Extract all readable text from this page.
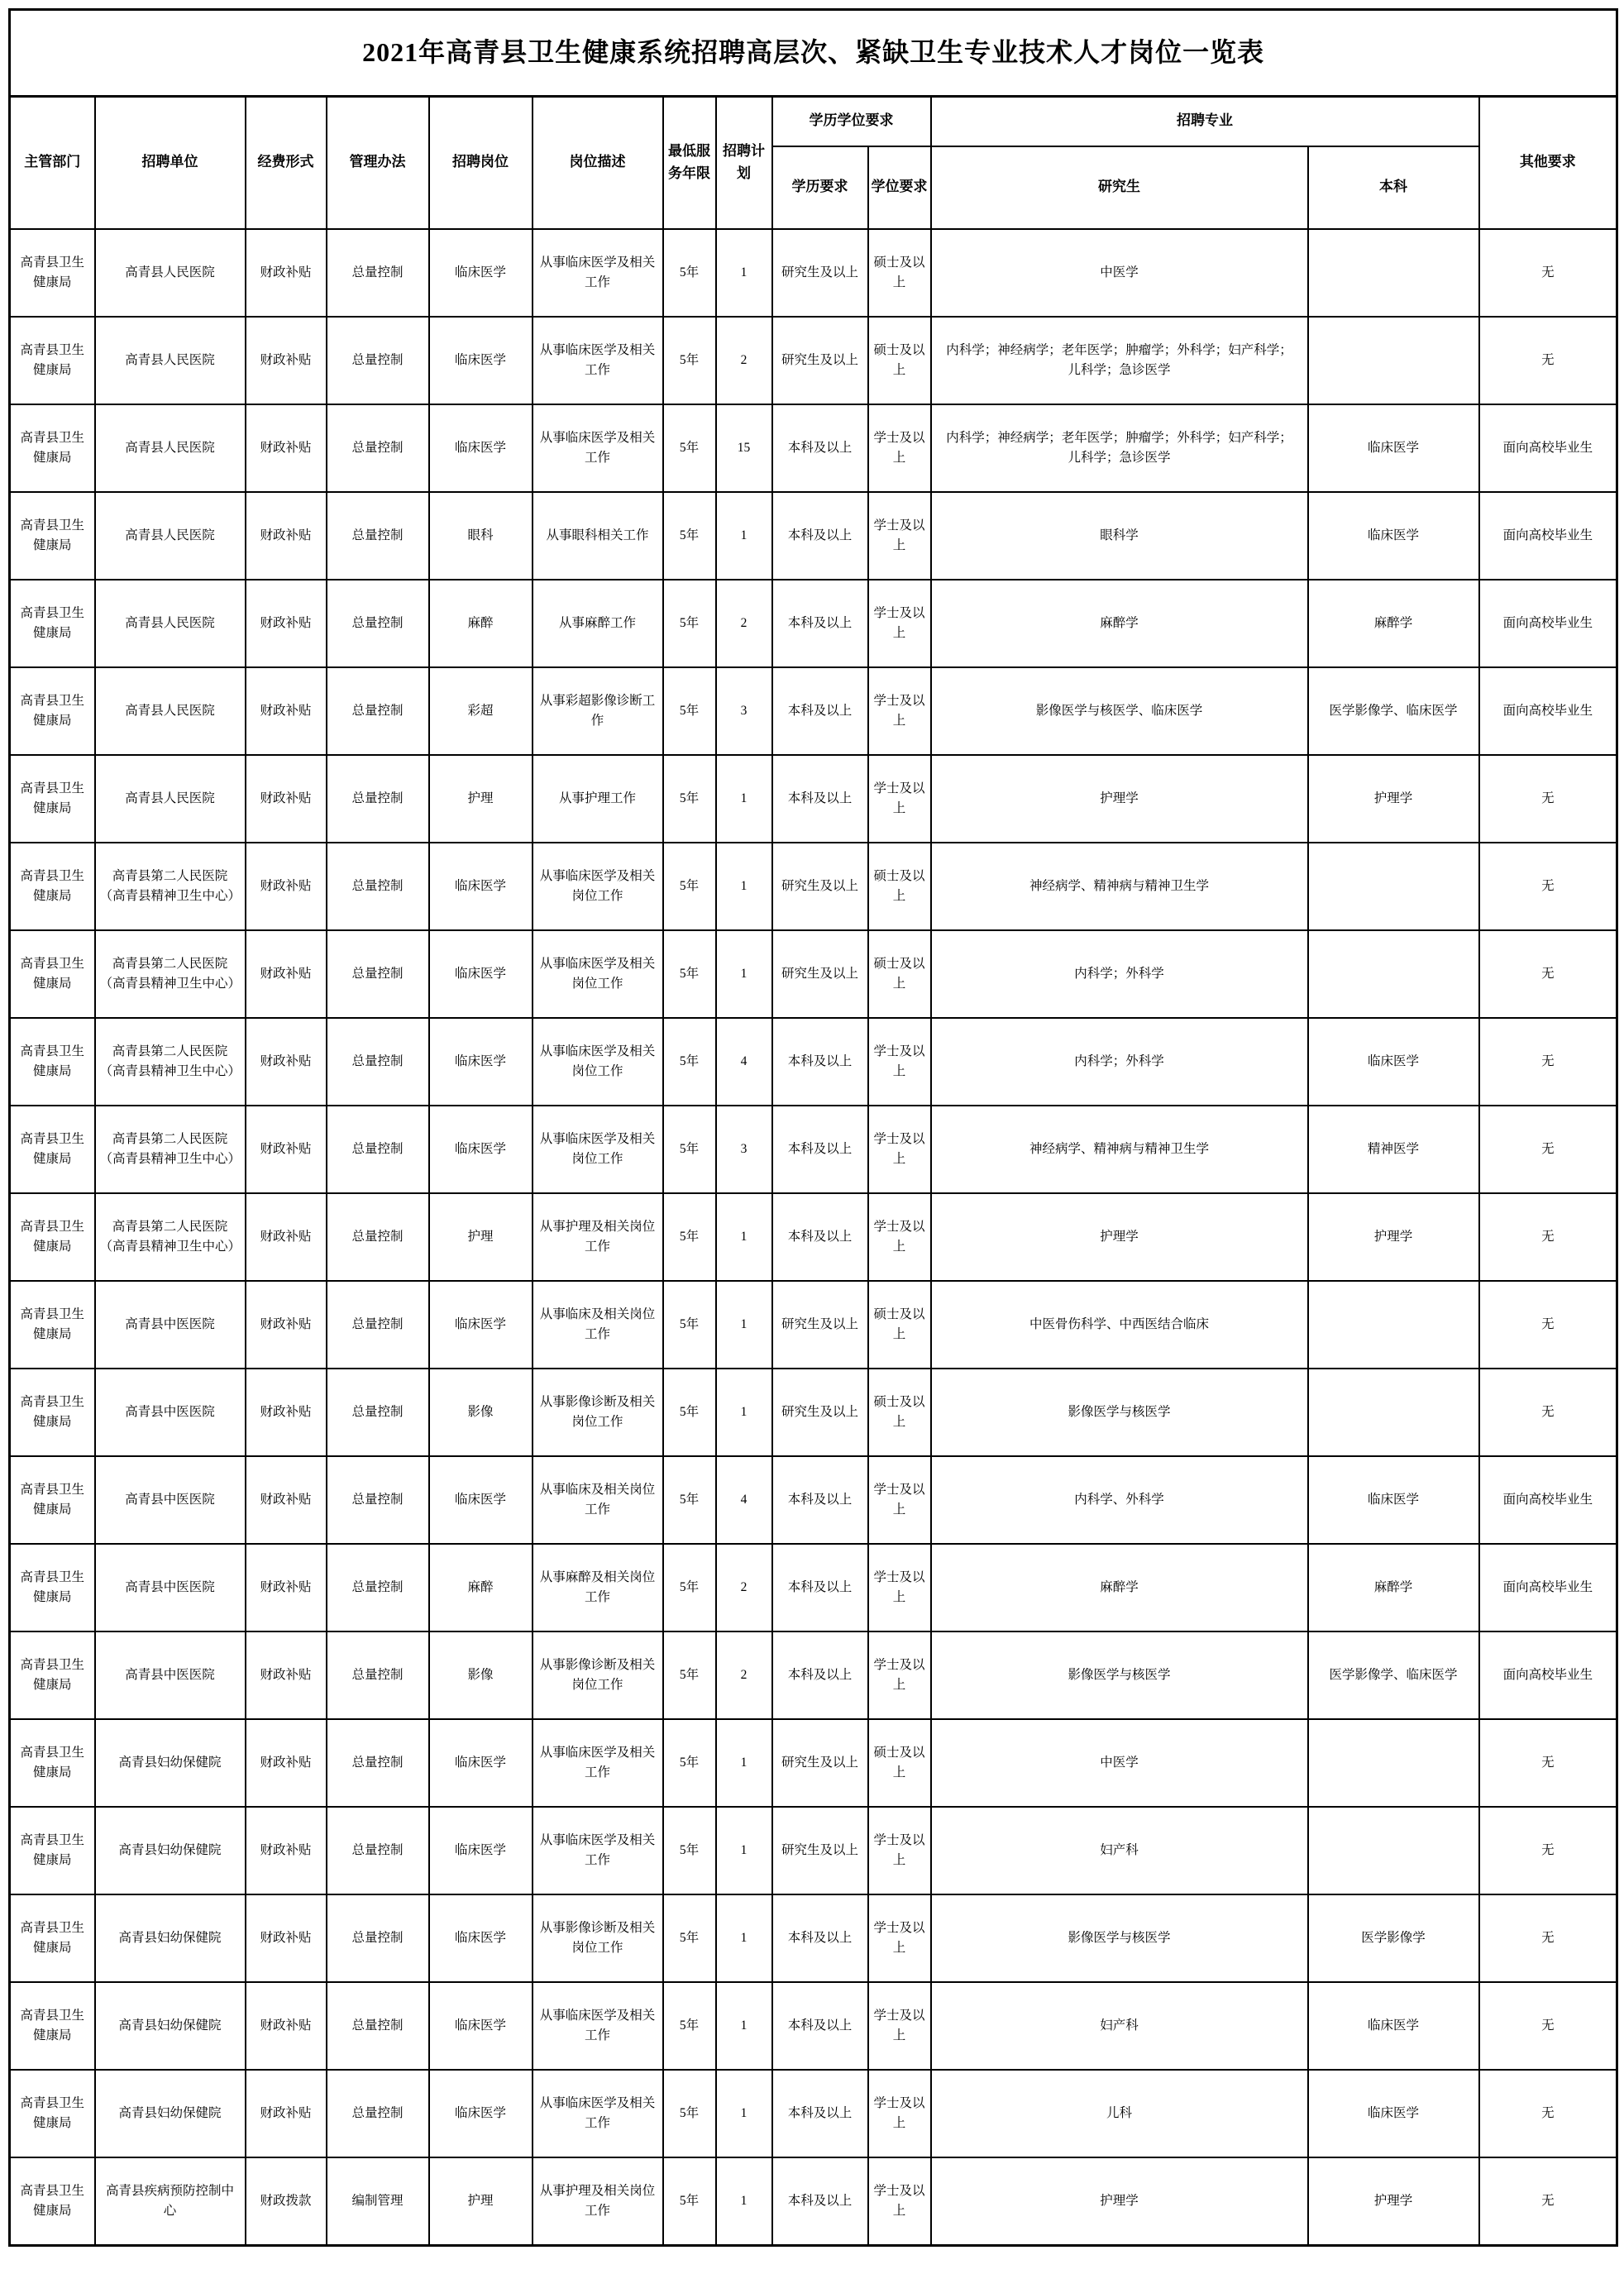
2021年高青县卫生健康系统招聘高层次、紧缺卫生专业技术人才岗位一览表												
主管部门	招聘单位	经费形式	管理办法	招聘岗位	岗位描述	最低服务年限	招聘计划	学历学位要求		招聘专业		其他要求
								学历要求	学位要求	研究生	本科	
高青县卫生健康局	高青县人民医院	财政补贴	总量控制	临床医学	从事临床医学及相关工作	5年	1	研究生及以上	硕士及以上	中医学		无
高青县卫生健康局	高青县人民医院	财政补贴	总量控制	临床医学	从事临床医学及相关工作	5年	2	研究生及以上	硕士及以上	内科学；神经病学；老年医学；肿瘤学；外科学；妇产科学；儿科学；急诊医学		无
高青县卫生健康局	高青县人民医院	财政补贴	总量控制	临床医学	从事临床医学及相关工作	5年	15	本科及以上	学士及以上	内科学；神经病学；老年医学；肿瘤学；外科学；妇产科学；儿科学；急诊医学	临床医学	面向高校毕业生
高青县卫生健康局	高青县人民医院	财政补贴	总量控制	眼科	从事眼科相关工作	5年	1	本科及以上	学士及以上	眼科学	临床医学	面向高校毕业生
高青县卫生健康局	高青县人民医院	财政补贴	总量控制	麻醉	从事麻醉工作	5年	2	本科及以上	学士及以上	麻醉学	麻醉学	面向高校毕业生
高青县卫生健康局	高青县人民医院	财政补贴	总量控制	彩超	从事彩超影像诊断工作	5年	3	本科及以上	学士及以上	影像医学与核医学、临床医学	医学影像学、临床医学	面向高校毕业生
高青县卫生健康局	高青县人民医院	财政补贴	总量控制	护理	从事护理工作	5年	1	本科及以上	学士及以上	护理学	护理学	无
高青县卫生健康局	高青县第二人民医院（高青县精神卫生中心）	财政补贴	总量控制	临床医学	从事临床医学及相关岗位工作	5年	1	研究生及以上	硕士及以上	神经病学、精神病与精神卫生学		无
高青县卫生健康局	高青县第二人民医院（高青县精神卫生中心）	财政补贴	总量控制	临床医学	从事临床医学及相关岗位工作	5年	1	研究生及以上	硕士及以上	内科学；外科学		无
高青县卫生健康局	高青县第二人民医院（高青县精神卫生中心）	财政补贴	总量控制	临床医学	从事临床医学及相关岗位工作	5年	4	本科及以上	学士及以上	内科学；外科学	临床医学	无
高青县卫生健康局	高青县第二人民医院（高青县精神卫生中心）	财政补贴	总量控制	临床医学	从事临床医学及相关岗位工作	5年	3	本科及以上	学士及以上	神经病学、精神病与精神卫生学	精神医学	无
高青县卫生健康局	高青县第二人民医院（高青县精神卫生中心）	财政补贴	总量控制	护理	从事护理及相关岗位工作	5年	1	本科及以上	学士及以上	护理学	护理学	无
高青县卫生健康局	高青县中医医院	财政补贴	总量控制	临床医学	从事临床及相关岗位工作	5年	1	研究生及以上	硕士及以上	中医骨伤科学、中西医结合临床		无
高青县卫生健康局	高青县中医医院	财政补贴	总量控制	影像	从事影像诊断及相关岗位工作	5年	1	研究生及以上	硕士及以上	影像医学与核医学		无
高青县卫生健康局	高青县中医医院	财政补贴	总量控制	临床医学	从事临床及相关岗位工作	5年	4	本科及以上	学士及以上	内科学、外科学	临床医学	面向高校毕业生
高青县卫生健康局	高青县中医医院	财政补贴	总量控制	麻醉	从事麻醉及相关岗位工作	5年	2	本科及以上	学士及以上	麻醉学	麻醉学	面向高校毕业生
高青县卫生健康局	高青县中医医院	财政补贴	总量控制	影像	从事影像诊断及相关岗位工作	5年	2	本科及以上	学士及以上	影像医学与核医学	医学影像学、临床医学	面向高校毕业生
高青县卫生健康局	高青县妇幼保健院	财政补贴	总量控制	临床医学	从事临床医学及相关工作	5年	1	研究生及以上	硕士及以上	中医学		无
高青县卫生健康局	高青县妇幼保健院	财政补贴	总量控制	临床医学	从事临床医学及相关工作	5年	1	研究生及以上	学士及以上	妇产科		无
高青县卫生健康局	高青县妇幼保健院	财政补贴	总量控制	临床医学	从事影像诊断及相关岗位工作	5年	1	本科及以上	学士及以上	影像医学与核医学	医学影像学	无
高青县卫生健康局	高青县妇幼保健院	财政补贴	总量控制	临床医学	从事临床医学及相关工作	5年	1	本科及以上	学士及以上	妇产科	临床医学	无
高青县卫生健康局	高青县妇幼保健院	财政补贴	总量控制	临床医学	从事临床医学及相关工作	5年	1	本科及以上	学士及以上	儿科	临床医学	无
高青县卫生健康局	高青县疾病预防控制中心	财政拨款	编制管理	护理	从事护理及相关岗位工作	5年	1	本科及以上	学士及以上	护理学	护理学	无
